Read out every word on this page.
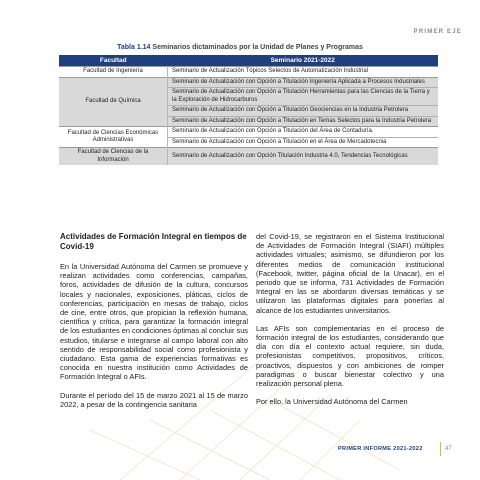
PRIMER EJE
Tabla 1.14 Seminarios dictaminados por la Unidad de Planes y Programas
Facultad	Seminario 2021-2022
Facultad de Ingeniería	Seminario de Actualización Tópicos Selectos de Automatización Industrial
Facultad de Química	Seminario de Actualización con Opción a Titulación Ingeniería Aplicada a Procesos Industriales
	Seminario de Actualización con Opción a Titulación Herramientas para las Ciencias de la Tierra y la Exploración de Hidrocarburos
	Seminario de Actualización con Opción a Titulación Geociencias en la Industria Petrolera
	Seminario de Actualización con Opción a Titulación en Temas Selectos para la Industria Petrolera
Facultad de Ciencias Económicas Administrativas	Seminario de Actualización con Opción a Titulación del Área de Contaduría.
	Seminario de Actualización con Opción a Titulación en el Área de Mercadotecnia
Facultad de Ciencias de la Información	Seminario de Actualización con Opción Titulación Industria 4.0, Tendencias Tecnológicas
Actividades de Formación Integral en tiempos de Covid-19

En la Universidad Autónoma del Carmen se promueve y realizan actividades como conferencias, campañas, foros, actividades de difusión de la cultura, concursos locales y nacionales, exposiciones, pláticas, ciclos de conferencias, participación en mesas de trabajo, ciclos de cine, entre otros, que propician la reflexión humana, científica y crítica, para garantizar la formación integral de los estudiantes en condiciones óptimas al concluir sus estudios, titularse e integrarse al campo laboral con alto sentido de responsabilidad social como profesionista y ciudadano. Esta gama de experiencias formativas es conocida en nuestra institución como Actividades de Formación Integral o AFIs.

Durante el período del 15 de marzo 2021 al 15 de marzo 2022, a pesar de la contingencia sanitaria

del Covid-19, se registraron en el Sistema Institucional de Actividades de Formación Integral (SIAFI) múltiples actividades virtuales; asimismo, se difundieron por los diferentes medios de comunicación institucional (Facebook, twitter, página oficial de la Unacar), en el periodo que se informa, 731 Actividades de Formación Integral en las se abordaron diversas temáticas y se utilizaron las plataformas digitales para ponerlas al alcance de los estudiantes universitarios.

Las AFIs son complementarias en el proceso de formación integral de los estudiantes, considerando que día con día el contexto actual requiere, sin duda, profesionistas competitivos, propositivos, críticos, proactivos, dispuestos y con ambiciones de romper paradigmas o buscar bienestar colectivo y una realización personal plena.

Por ello, la Universidad Autónoma del Carmen

PRIMER INFORME 2021-2022	47
